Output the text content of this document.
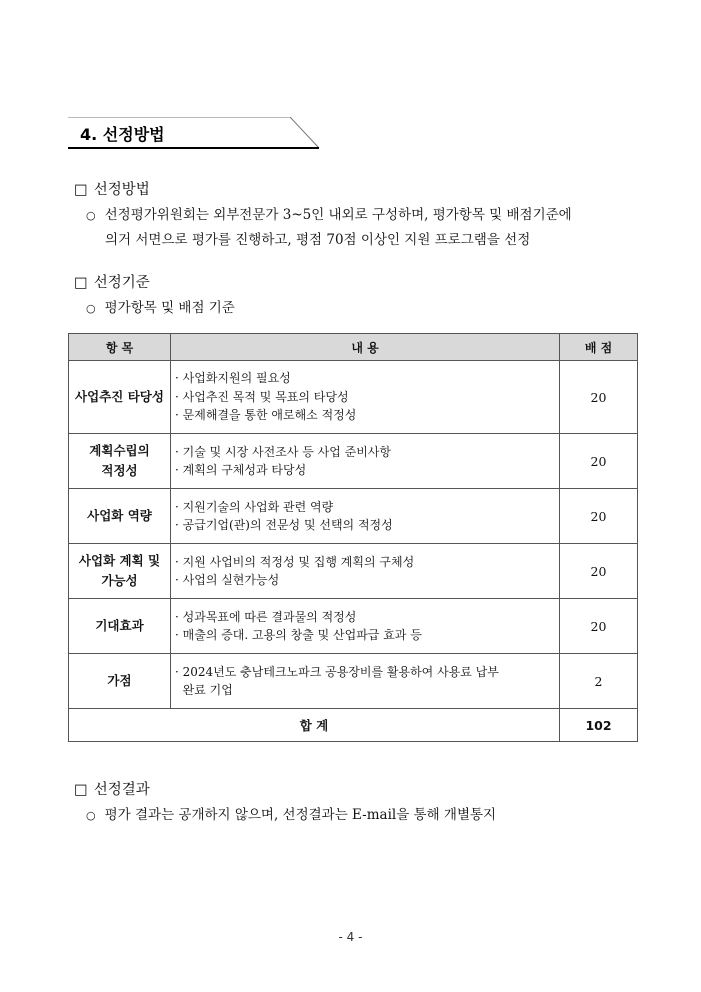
4. 선정방법
□ 선정방법
○ 선정평가위원회는 외부전문가 3~5인 내외로 구성하며, 평가항목 및 배점기준에
의거 서면으로 평가를 진행하고, 평점 70점 이상인 지원 프로그램을 선정
□ 선정기준
○ 평가항목 및 배점 기준
항 목	내 용	배 점

사업추진 타당성	· 사업화지원의 필요성
· 사업추진 목적 및 목표의 타당성
· 문제해결을 통한 애로해소 적정성	20

계획수립의
적정성	· 기술 및 시장 사전조사 등 사업 준비사항
· 계획의 구체성과 타당성	20

사업화 역량	· 지원기술의 사업화 관련 역량
· 공급기업(관)의 전문성 및 선택의 적정성	20

사업화 계획 및
가능성	· 지원 사업비의 적정성 및 집행 계획의 구체성
· 사업의 실현가능성	20

기대효과	· 성과목표에 따른 결과물의 적정성
· 매출의 증대. 고용의 창출 및 산업파급 효과 등	20

가점	· 2024년도 충남테크노파크 공용장비를 활용하여 사용료 납부
완료 기업	2
합 계		102
□ 선정결과
○ 평가 결과는 공개하지 않으며, 선정결과는 E-mail을 통해 개별통지
- 4 -
